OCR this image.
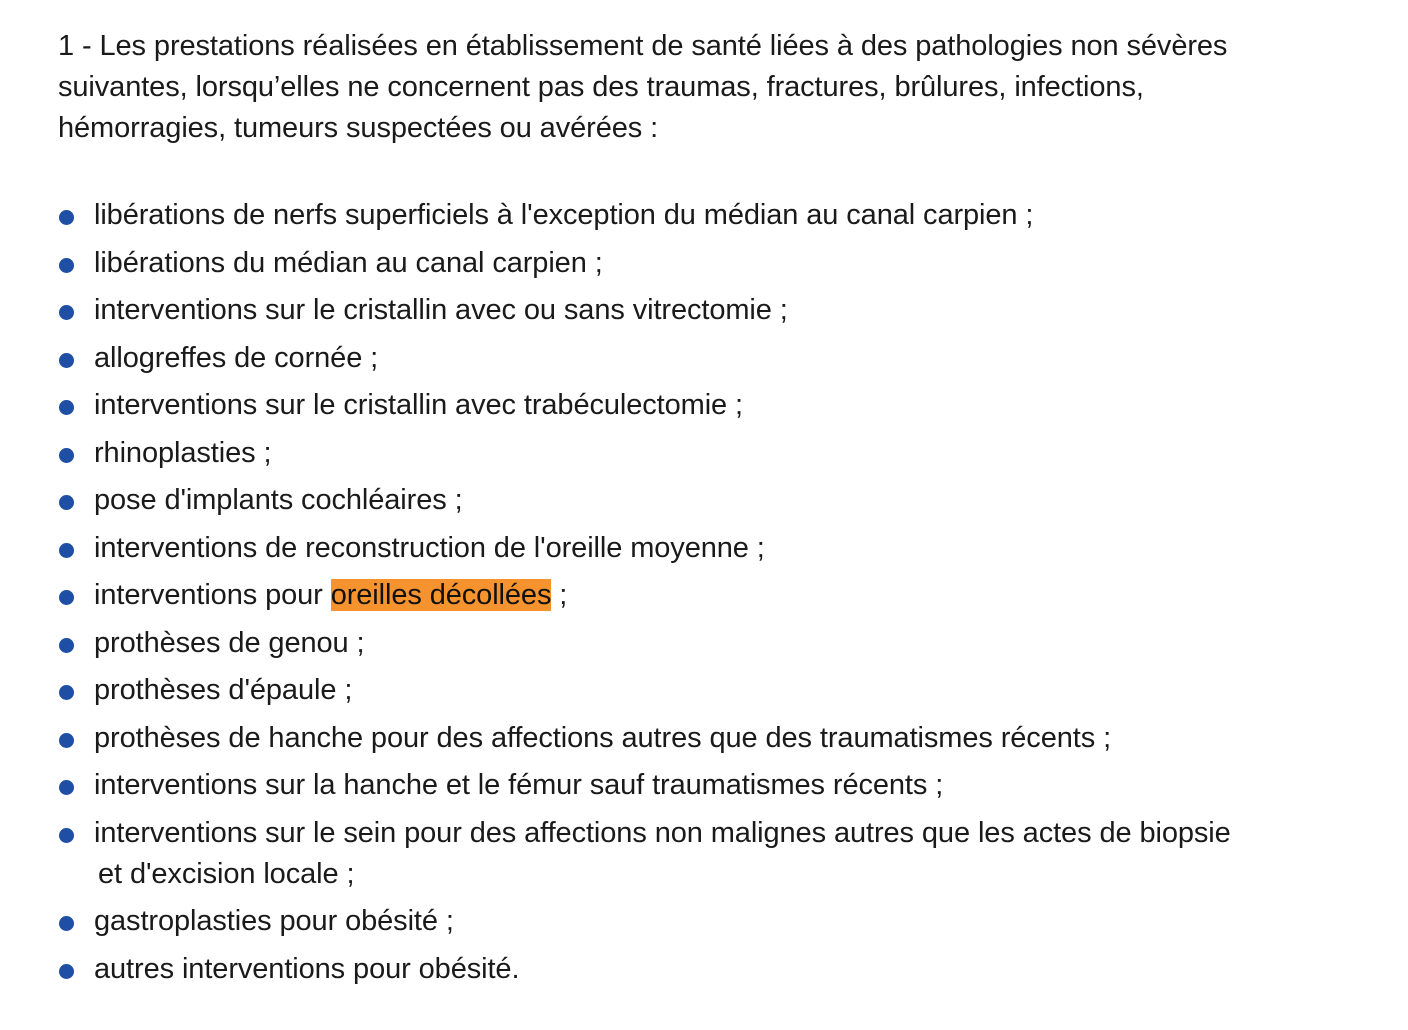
1 - Les prestations réalisées en établissement de santé liées à des pathologies non sévères
suivantes, lorsqu’elles ne concernent pas des traumas, fractures, brûlures, infections,
hémorragies, tumeurs suspectées ou avérées :

libérations de nerfs superficiels à l'exception du médian au canal carpien ;
libérations du médian au canal carpien ;
interventions sur le cristallin avec ou sans vitrectomie ;
allogreffes de cornée ;
interventions sur le cristallin avec trabéculectomie ;
rhinoplasties ;
pose d'implants cochléaires ;
interventions de reconstruction de l'oreille moyenne ;
interventions pour oreilles décollées ;
prothèses de genou ;
prothèses d'épaule ;
prothèses de hanche pour des affections autres que des traumatismes récents ;
interventions sur la hanche et le fémur sauf traumatismes récents ;
interventions sur le sein pour des affections non malignes autres que les actes de biopsie
et d'excision locale ;
gastroplasties pour obésité ;
autres interventions pour obésité.
